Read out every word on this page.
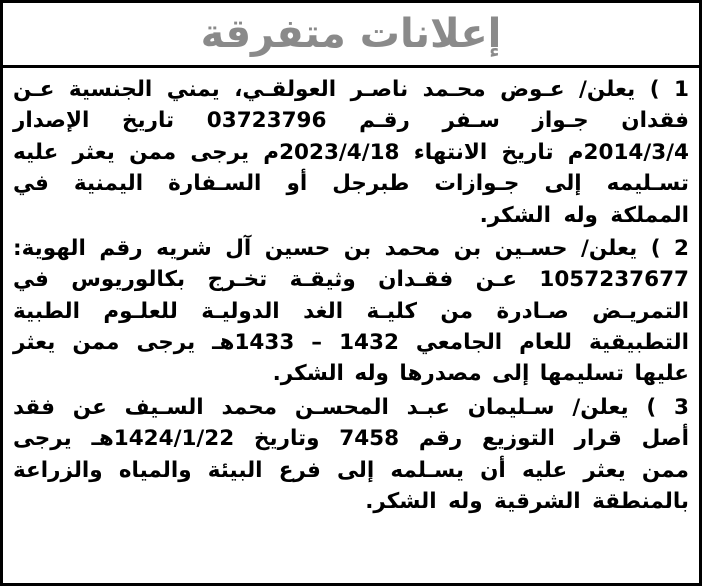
إعلانات متفرقة

1 ) يعلن/ عـوض محـمد ناصـر العولقـي، يمني الجنسية عـن فقدان جـواز سـفر رقـم 03723796 تاريخ الإصدار 2014/3/4م تاريخ الانتهاء 2023/4/18م يرجى ممن يعثر عليه تسـليمه إلى جـوازات طبرجل أو السـفارة اليمنية في المملكة وله الشكر.

2 ) يعلن/ حسـين بن محمد بن حسين آل شريه رقم الهوية: 1057237677 عـن فقـدان وثيقـة تخـرج بكالوريوس في التمريـض صـادرة من كليـة الغد الدوليـة للعلـوم الطبية التطبيقية للعام الجامعي 1432 – 1433هـ يرجى ممن يعثر عليها تسليمها إلى مصدرها وله الشكر.

3 ) يعلن/ سـليمان عبـد المحسـن محمد السـيف عن فقد أصل قرار التوزيع رقم 7458 وتاريخ 1424/1/22هـ يرجى ممن يعثر عليه أن يسـلمه إلى فرع البيئة والمياه والزراعة بالمنطقة الشرقية وله الشكر.
